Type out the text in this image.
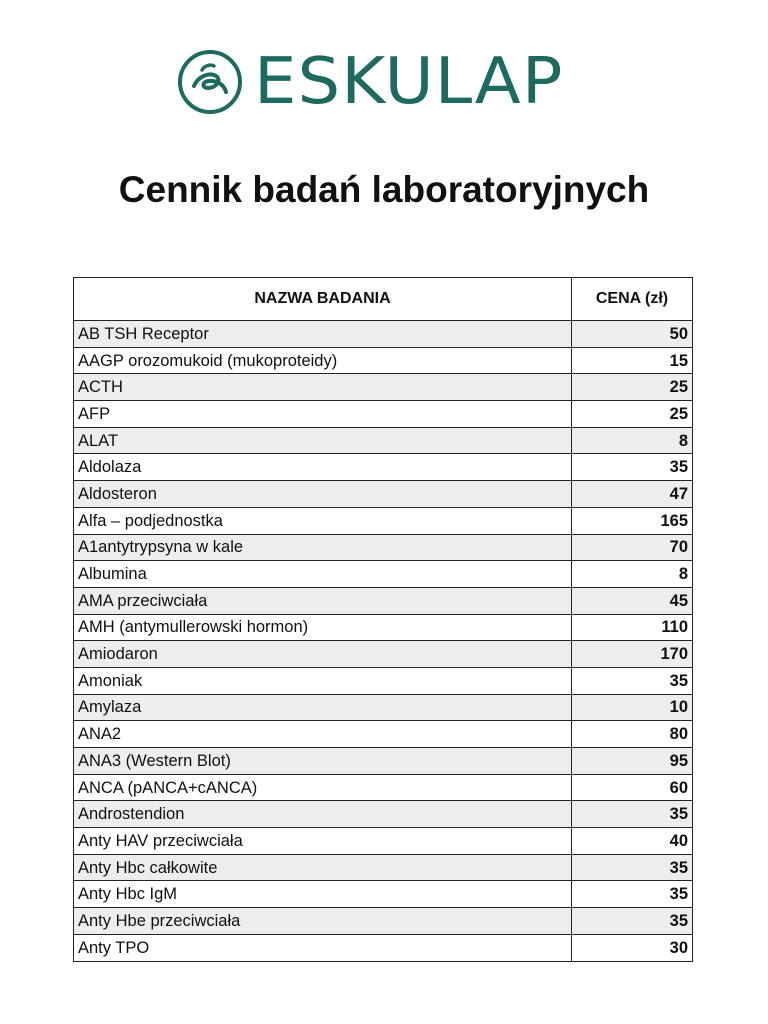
ESKULAP
Cennik badań laboratoryjnych
NAZWA BADANIA	CENA (zł)
AB TSH Receptor	50
AAGP orozomukoid (mukoproteidy)	15
ACTH	25
AFP	25
ALAT	8
Aldolaza	35
Aldosteron	47
Alfa – podjednostka	165
A1antytrypsyna w kale	70
Albumina	8
AMA przeciwciała	45
AMH (antymullerowski hormon)	110
Amiodaron	170
Amoniak	35
Amylaza	10
ANA2	80
ANA3 (Western Blot)	95
ANCA (pANCA+cANCA)	60
Androstendion	35
Anty HAV przeciwciała	40
Anty Hbc całkowite	35
Anty Hbc IgM	35
Anty Hbe przeciwciała	35
Anty TPO	30
